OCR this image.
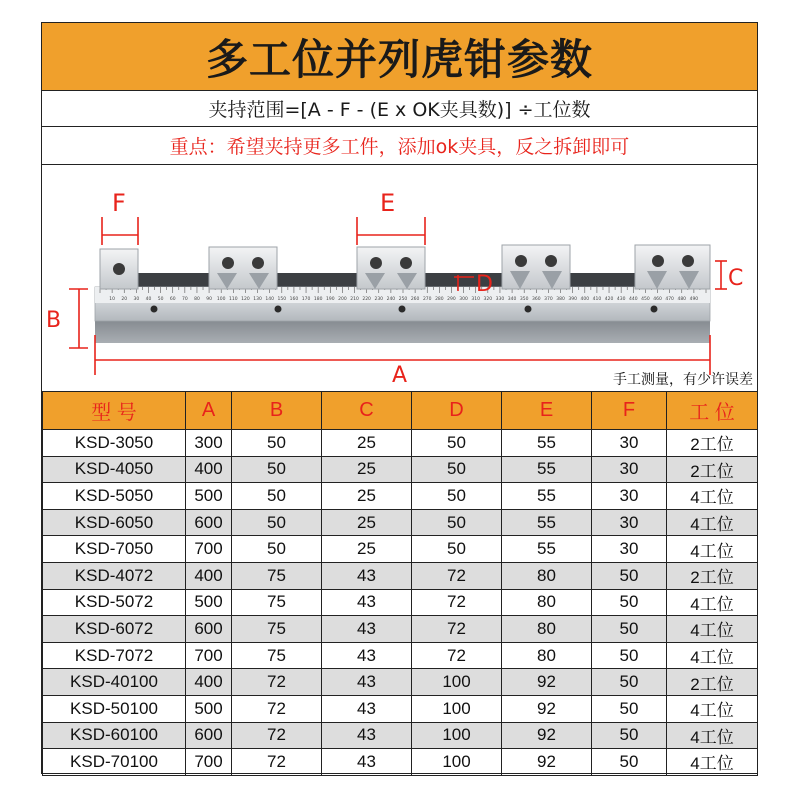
多工位并列虎钳参数
夹持范围=[A - F - (E x OK夹具数)] ÷工位数
重点：希望夹持更多工件，添加ok夹具，反之拆卸即可
10 20 30 40 50 60 70 80 90 100 110 120 130 140 150 160 170 180 190 200 210 220 230 240 250 260 270 280 290 300 310 320 330 340 350 360 370 380 390 400 410 420 430 440 450 460 470 480 490
F	E
D	C
B
A	手工测量，有少许误差
型 号	A	B	C	D	E	F	工 位
KSD-3050	300	50	25	50	55	30	2工位
KSD-4050	400	50	25	50	55	30	2工位
KSD-5050	500	50	25	50	55	30	4工位
KSD-6050	600	50	25	50	55	30	4工位
KSD-7050	700	50	25	50	55	30	4工位
KSD-4072	400	75	43	72	80	50	2工位
KSD-5072	500	75	43	72	80	50	4工位
KSD-6072	600	75	43	72	80	50	4工位
KSD-7072	700	75	43	72	80	50	4工位
KSD-40100	400	72	43	100	92	50	2工位
KSD-50100	500	72	43	100	92	50	4工位
KSD-60100	600	72	43	100	92	50	4工位
KSD-70100	700	72	43	100	92	50	4工位
